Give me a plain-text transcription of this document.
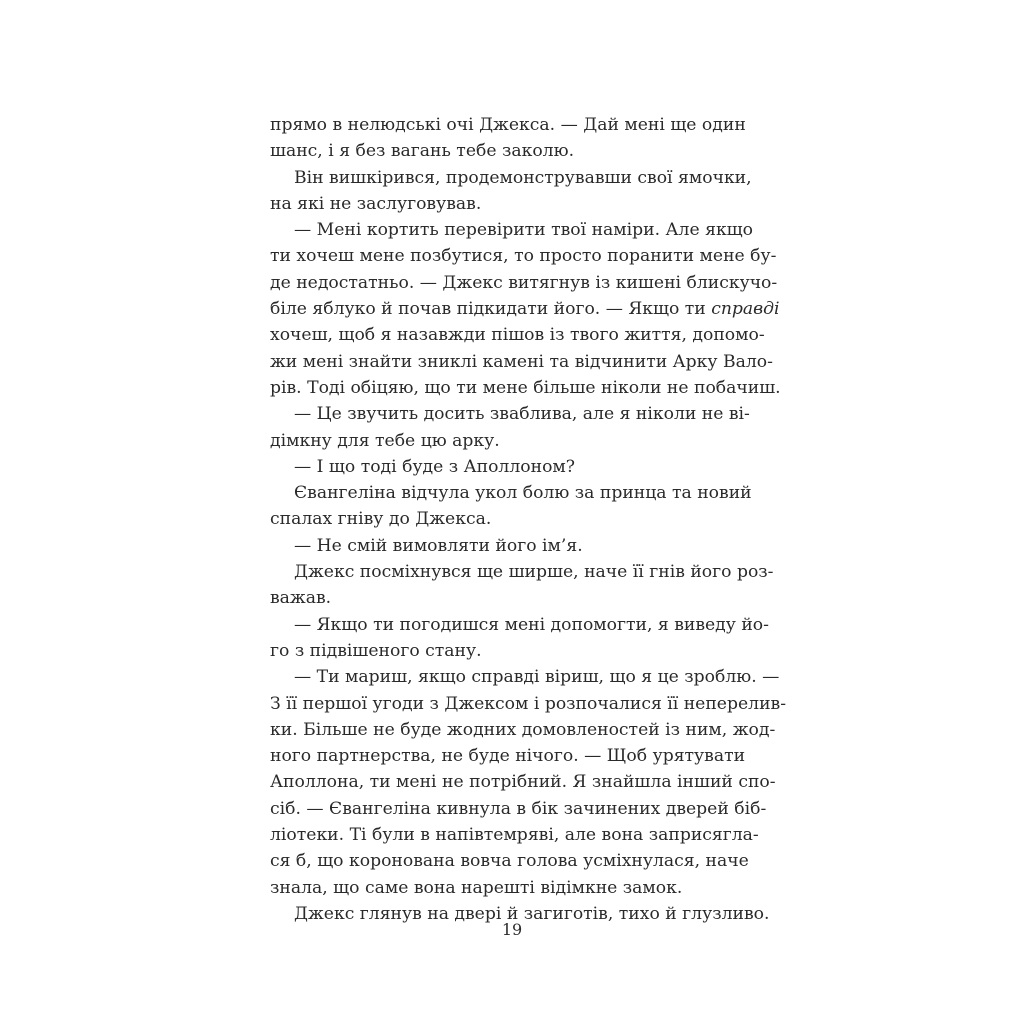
прямо в нелюдські очі Джекса. — Дай мені ще один
шанс, і я без вагань тебе заколю.
Він вишкірився, продемонструвавши свої ямочки,
на які не заслуговував.
— Мені кортить перевірити твої наміри. Але якщо
ти хочеш мене позбутися, то просто поранити мене бу-
де недостатньо. — Джекс витягнув із кишені блискучо-
біле яблуко й почав підкидати його. — Якщо ти справді
хочеш, щоб я назавжди пішов із твого життя, допомо-
жи мені знайти зниклі камені та відчинити Арку Вало-
рів. Тоді обіцяю, що ти мене більше ніколи не побачиш.
— Це звучить досить зваблива, але я ніколи не ві-
дімкну для тебе цю арку.
— І що тоді буде з Аполлоном?
Євангеліна відчула укол болю за принца та новий
спалах гніву до Джекса.
— Не смій вимовляти його ім’я.
Джекс посміхнувся ще ширше, наче її гнів його роз-
важав.
— Якщо ти погодишся мені допомогти, я виведу йо-
го з підвішеного стану.
— Ти мариш, якщо справді віриш, що я це зроблю. —
З її першої угоди з Джексом і розпочалися її неперелив-
ки. Більше не буде жодних домовленостей із ним, жод-
ного партнерства, не буде нічого. — Щоб урятувати
Аполлона, ти мені не потрібний. Я знайшла інший спо-
сіб. — Євангеліна кивнула в бік зачинених дверей біб-
ліотеки. Ті були в напівтемряві, але вона заприсягла-
ся б, що коронована вовча голова усміхнулася, наче
знала, що саме вона нарешті відімкне замок.
Джекс глянув на двері й загиготів, тихо й глузливо.
19
